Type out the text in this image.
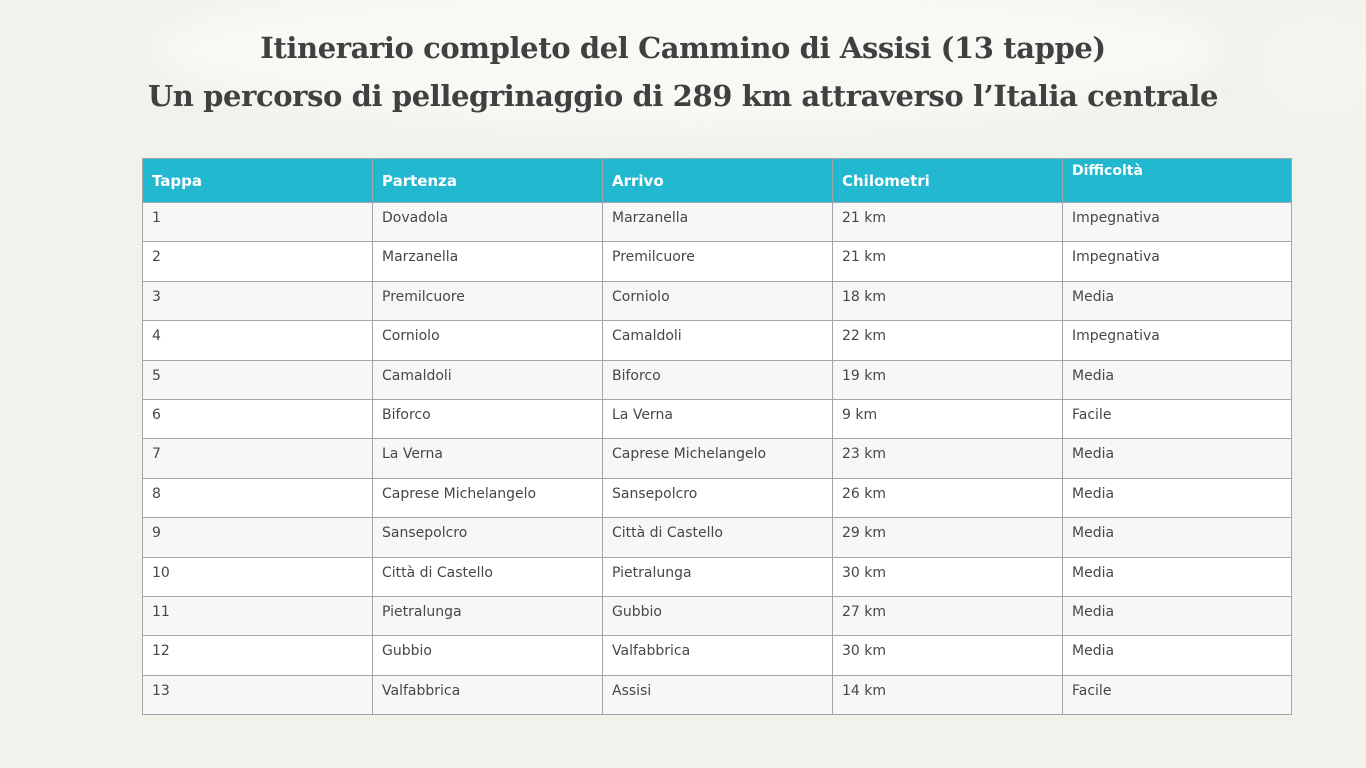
Itinerario completo del Cammino di Assisi (13 tappe)
Un percorso di pellegrinaggio di 289 km attraverso l’Italia centrale
Tappa	Partenza	Arrivo	Chilometri	Difficoltà
1	Dovadola	Marzanella	21 km	Impegnativa
2	Marzanella	Premilcuore	21 km	Impegnativa
3	Premilcuore	Corniolo	18 km	Media
4	Corniolo	Camaldoli	22 km	Impegnativa
5	Camaldoli	Biforco	19 km	Media
6	Biforco	La Verna	9 km	Facile
7	La Verna	Caprese Michelangelo	23 km	Media
8	Caprese Michelangelo	Sansepolcro	26 km	Media
9	Sansepolcro	Città di Castello	29 km	Media
10	Città di Castello	Pietralunga	30 km	Media
11	Pietralunga	Gubbio	27 km	Media
12	Gubbio	Valfabbrica	30 km	Media
13	Valfabbrica	Assisi	14 km	Facile
